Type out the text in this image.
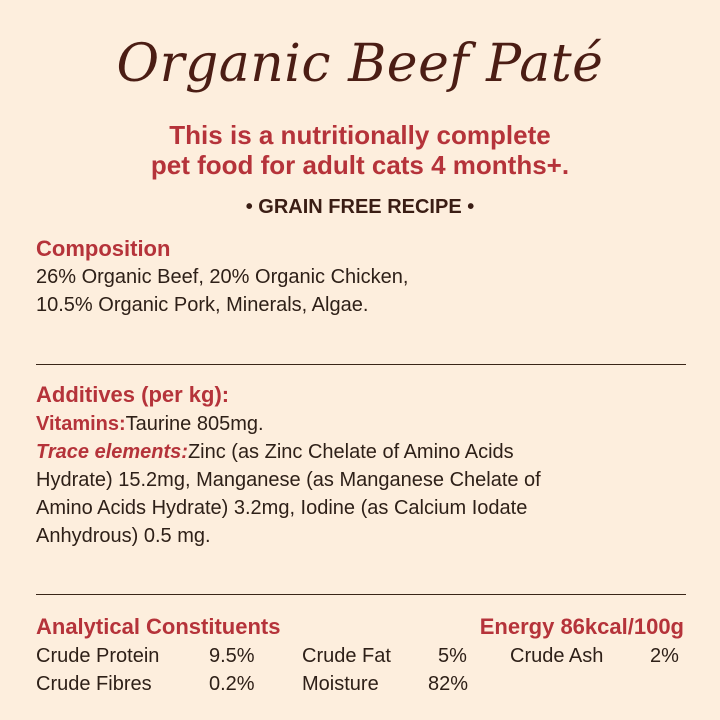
Organic Beef Paté
This is a nutritionally complete
pet food for adult cats 4 months+.
• GRAIN FREE RECIPE •
Composition
26% Organic Beef, 20% Organic Chicken,
10.5% Organic Pork, Minerals, Algae.
Additives (per kg):
Vitamins:Taurine 805mg.
Trace elements:Zinc (as Zinc Chelate of Amino Acids
Hydrate) 15.2mg, Manganese (as Manganese Chelate of
Amino Acids Hydrate) 3.2mg, Iodine (as Calcium Iodate
Anhydrous) 0.5 mg.
Analytical Constituents	Energy 86kcal/100g
Crude Protein 9.5% Crude Fat 5% Crude Ash 2%
Crude Fibres	0.2% Moisture 82%
